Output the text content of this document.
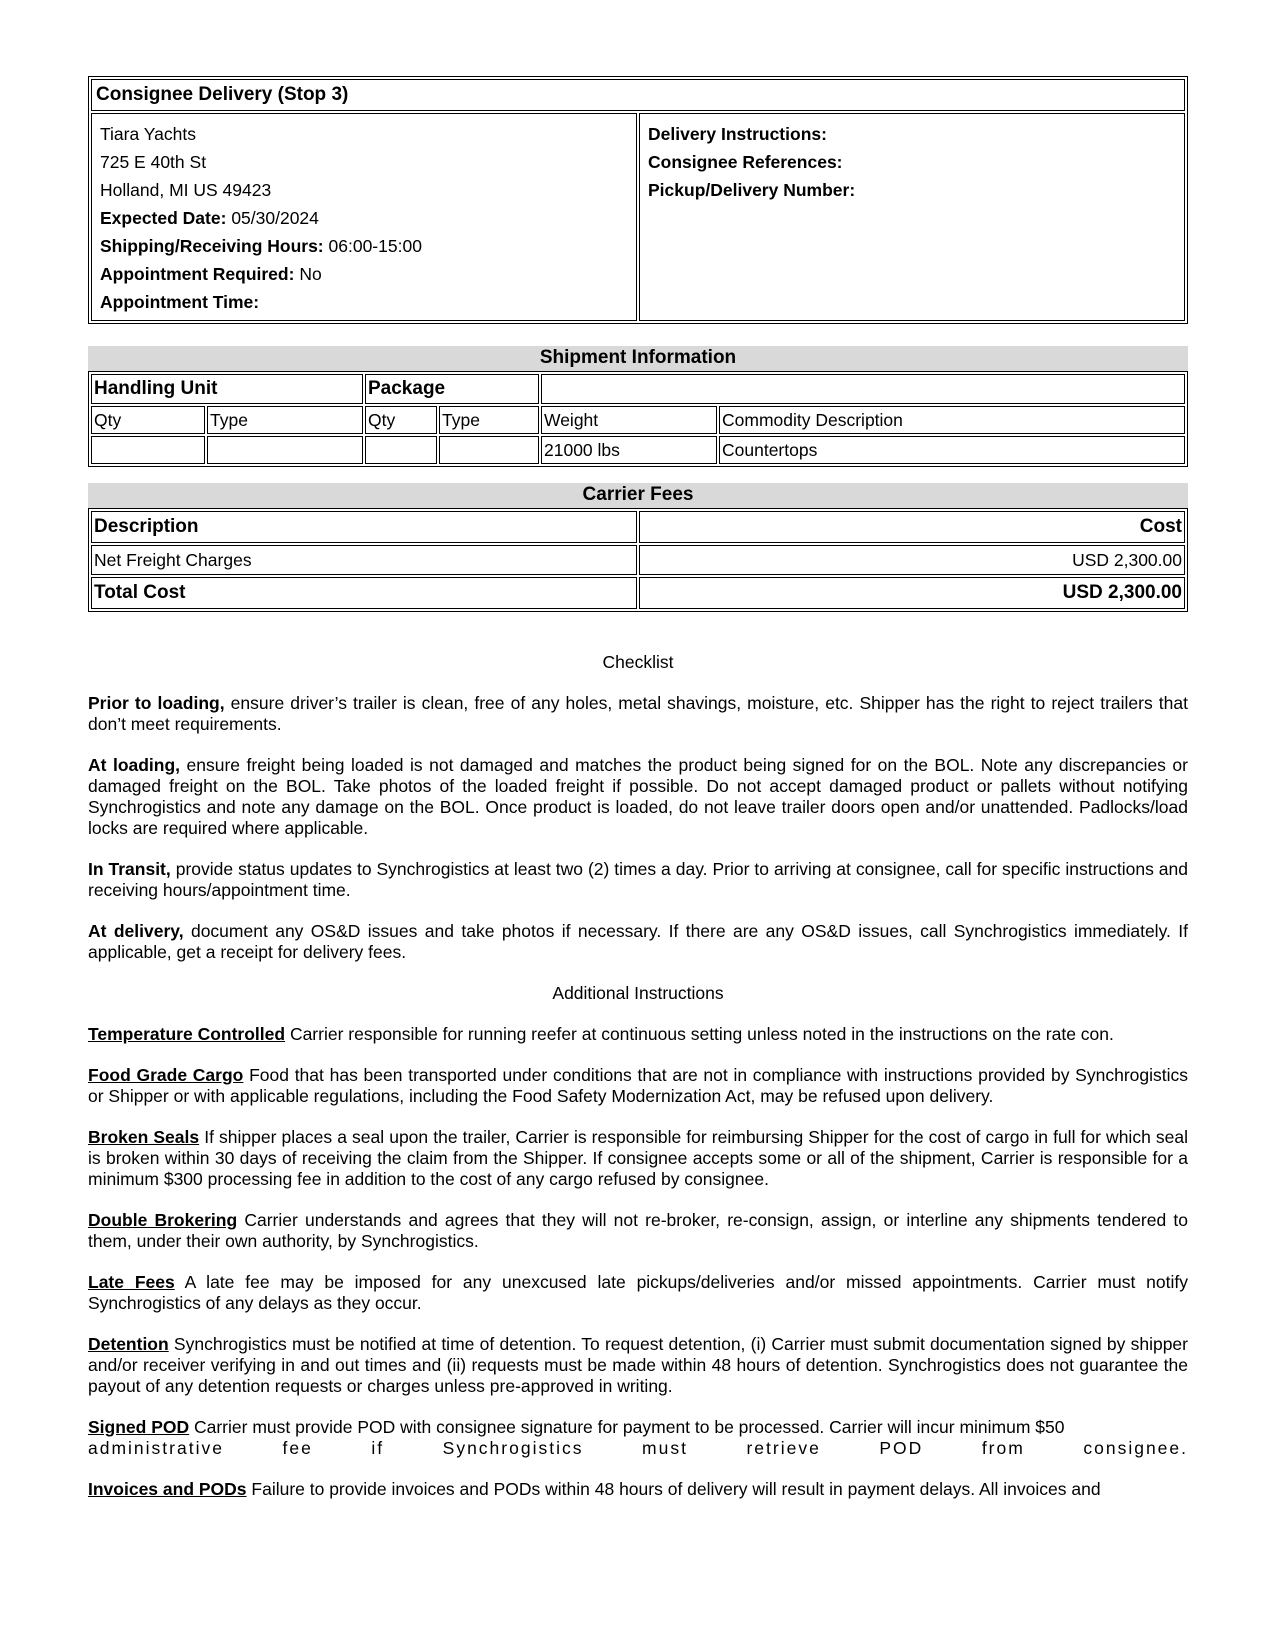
Consignee Delivery (Stop 3)

Tiara Yachts
725 E 40th St
Holland, MI US 49423
Expected Date: 05/30/2024
Shipping/Receiving Hours: 06:00-15:00
Appointment Required: No
Appointment Time:

Delivery Instructions:
Consignee References:
Pickup/Delivery Number:
Shipment Information
Handling Unit		Package			
Qty	Type	Qty	Type	Weight	Commodity Description
				21000 lbs	Countertops
Carrier Fees
Description	Cost
Net Freight Charges	USD 2,300.00
Total Cost	USD 2,300.00
Checklist
Prior to loading, ensure driver’s trailer is clean, free of any holes, metal shavings, moisture, etc. Shipper has the right to reject trailers that don’t meet requirements.
At loading, ensure freight being loaded is not damaged and matches the product being signed for on the BOL. Note any discrepancies or damaged freight on the BOL. Take photos of the loaded freight if possible. Do not accept damaged product or pallets without notifying Synchrogistics and note any damage on the BOL. Once product is loaded, do not leave trailer doors open and/or unattended. Padlocks/load locks are required where applicable.
In Transit, provide status updates to Synchrogistics at least two (2) times a day. Prior to arriving at consignee, call for specific instructions and receiving hours/appointment time.
At delivery, document any OS&D issues and take photos if necessary. If there are any OS&D issues, call Synchrogistics immediately. If applicable, get a receipt for delivery fees.
Additional Instructions
Temperature Controlled Carrier responsible for running reefer at continuous setting unless noted in the instructions on the rate con.
Food Grade Cargo Food that has been transported under conditions that are not in compliance with instructions provided by Synchrogistics or Shipper or with applicable regulations, including the Food Safety Modernization Act, may be refused upon delivery.
Broken Seals If shipper places a seal upon the trailer, Carrier is responsible for reimbursing Shipper for the cost of cargo in full for which seal is broken within 30 days of receiving the claim from the Shipper. If consignee accepts some or all of the shipment, Carrier is responsible for a minimum $300 processing fee in addition to the cost of any cargo refused by consignee.
Double Brokering Carrier understands and agrees that they will not re-broker, re-consign, assign, or interline any shipments tendered to them, under their own authority, by Synchrogistics.
Late Fees A late fee may be imposed for any unexcused late pickups/deliveries and/or missed appointments. Carrier must notify Synchrogistics of any delays as they occur.
Detention Synchrogistics must be notified at time of detention. To request detention, (i) Carrier must submit documentation signed by shipper and/or receiver verifying in and out times and (ii) requests must be made within 48 hours of detention. Synchrogistics does not guarantee the payout of any detention requests or charges unless pre-approved in writing.
Signed POD Carrier must provide POD with consignee signature for payment to be processed. Carrier will incur minimum $50
administrative fee if Synchrogistics must retrieve POD from consignee.
Invoices and PODs Failure to provide invoices and PODs within 48 hours of delivery will result in payment delays. All invoices and
